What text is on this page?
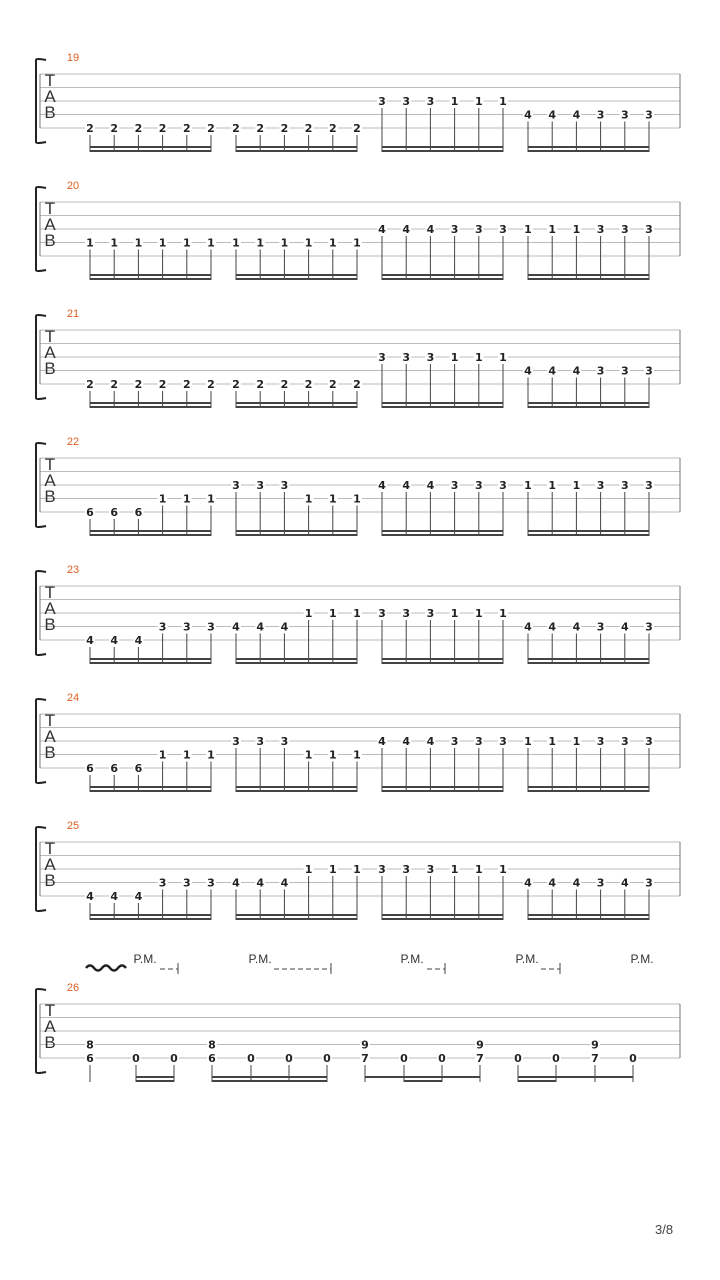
T
A
B
19
2 2 2 2 2 2 2 2 2 2 2 2
3 3 3 1 1 1
4 4 4 3 3 3
T
A
B
20
1 1 1 1 1 1 1 1 1 1 1 1
4 4 4 3 3 3 1 1 1 3 3 3
T
A
B
21
2 2 2 2 2 2 2 2 2 2 2 2
3 3 3 1 1 1
4 4 4 3 3 3
T
A
B
22
6 6 6
1 1 1
3 3 3
1 1 1
4 4 4 3 3 3 1 1 1 3 3 3
T
A
B
23
4 4 4
3 3 3 4 4 4
1 1 1 3 3 3 1 1 1
4 4 4 3 4 3
T
A
B
24
6 6 6
1 1 1
3 3 3
1 1 1
4 4 4 3 3 3 1 1 1 3 3 3
T
A
B
25
4 4 4
3 3 3 4 4 4
1 1 1 3 3 3 1 1 1
4 4 4 3 4 3
P.M.	P.M.	P.M.	P.M.	P.M.
T
A
B
26
8
6	0	0
8
6	0	0	0
9
7	0	0
9
7	0	0
9
7	0
3/8
